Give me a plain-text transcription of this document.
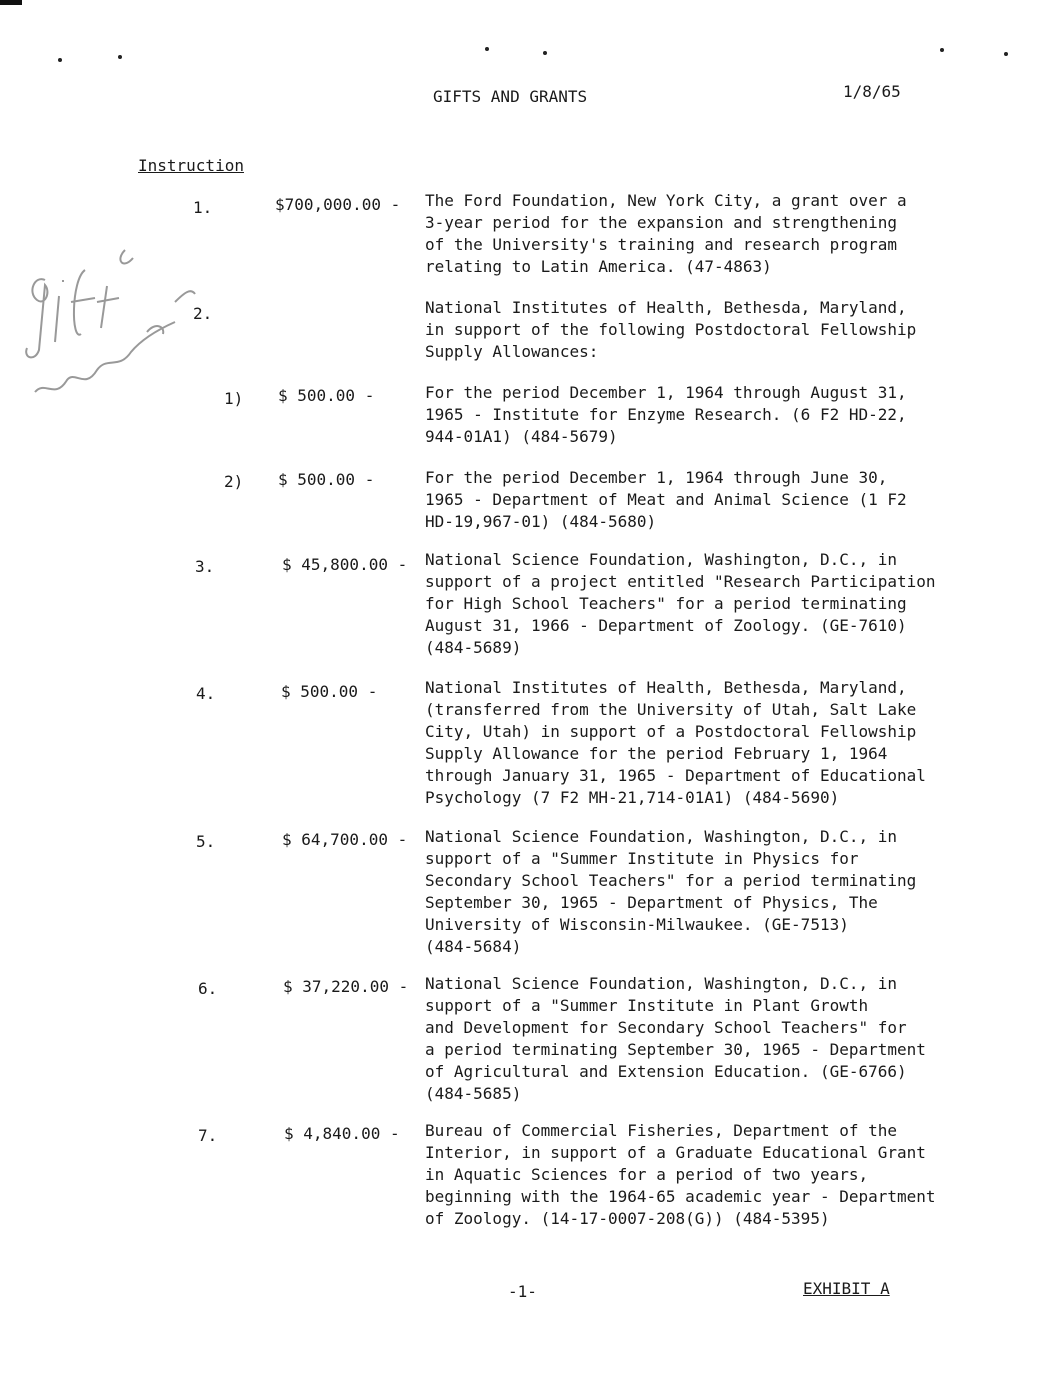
GIFTS AND GRANTS	1/8/65
Instruction
1.	$700,000.00 - The Ford Foundation, New York City, a grant over a
3-year period for the expansion and strengthening
of the University's training and research program
relating to Latin America. (47-4863)
2.	National Institutes of Health, Bethesda, Maryland,
in support of the following Postdoctoral Fellowship
Supply Allowances:
1) $ 500.00 -	For the period December 1, 1964 through August 31,
1965 - Institute for Enzyme Research. (6 F2 HD-22,
944-01A1) (484-5679)
2) $ 500.00 -	For the period December 1, 1964 through June 30,
1965 - Department of Meat and Animal Science (1 F2
HD-19,967-01) (484-5680)
3.	$ 45,800.00 - National Science Foundation, Washington, D.C., in
support of a project entitled "Research Participation
for High School Teachers" for a period terminating
August 31, 1966 - Department of Zoology. (GE-7610)
(484-5689)
4.	$ 500.00 -	National Institutes of Health, Bethesda, Maryland,
(transferred from the University of Utah, Salt Lake
City, Utah) in support of a Postdoctoral Fellowship
Supply Allowance for the period February 1, 1964
through January 31, 1965 - Department of Educational
Psychology (7 F2 MH-21,714-01A1) (484-5690)
5.	$ 64,700.00 - National Science Foundation, Washington, D.C., in
support of a "Summer Institute in Physics for
Secondary School Teachers" for a period terminating
September 30, 1965 - Department of Physics, The
University of Wisconsin-Milwaukee. (GE-7513)
(484-5684)
6.	$ 37,220.00 - National Science Foundation, Washington, D.C., in
support of a "Summer Institute in Plant Growth
and Development for Secondary School Teachers" for
a period terminating September 30, 1965 - Department
of Agricultural and Extension Education. (GE-6766)
(484-5685)
7.	$ 4,840.00 - Bureau of Commercial Fisheries, Department of the
Interior, in support of a Graduate Educational Grant
in Aquatic Sciences for a period of two years,
beginning with the 1964-65 academic year - Department
of Zoology. (14-17-0007-208(G)) (484-5395)
-1-	EXHIBIT A
